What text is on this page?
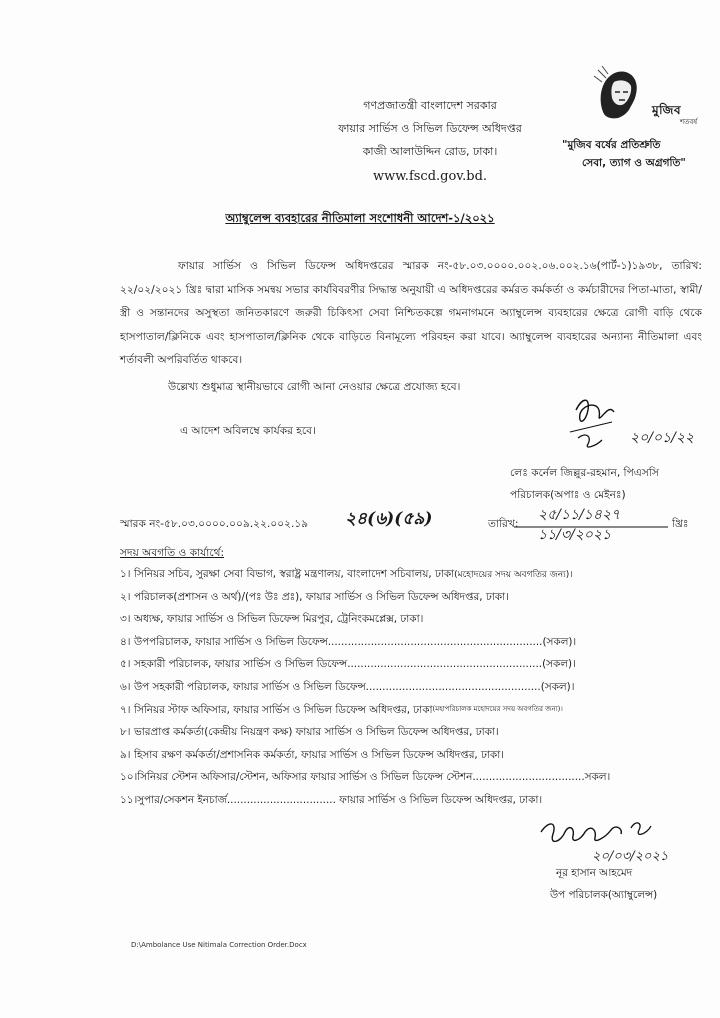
গণপ্রজাতন্ত্রী বাংলাদেশ সরকার
ফায়ার সার্ভিস ও সিভিল ডিফেন্স অধিদপ্তর
কাজী আলাউদ্দিন রোড, ঢাকা।
www.fscd.gov.bd.
মুজিব
শতবর্ষ
"মুজিব বর্ষের প্রতিশ্রুতি
সেবা, ত্যাগ ও অগ্রগতি"
অ্যাম্বুলেন্স ব্যবহারের নীতিমালা সংশোধনী আদেশ-১/২০২১
ফায়ার সার্ভিস ও সিভিল ডিফেন্স অধিদপ্তরের স্মারক নং-৫৮.০৩.০০০০.০০২.০৬.০০২.১৬(পার্ট-১)১৯৩৮, তারিখ: ২২/০২/২০২১ খ্রিঃ দ্বারা মাসিক সমন্বয় সভার কার্যবিবরণীর সিদ্ধান্ত অনুযায়ী এ অধিদপ্তরের কর্মরত কর্মকর্তা ও কর্মচারীদের পিতা-মাতা, স্বামী/স্ত্রী ও সন্তানদের অসুস্থতা জনিতকারণে জরুরী চিকিৎসা সেবা নিশ্চিতকল্পে গমনাগমনে অ্যাম্বুলেন্স ব্যবহারের ক্ষেত্রে রোগী বাড়ি থেকে হাসপাতাল/ক্লিনিকে এবং হাসপাতাল/ক্লিনিক থেকে বাড়িতে বিনামূল্যে পরিবহন করা যাবে। অ্যাম্বুলেন্স ব্যবহারের অন্যান্য নীতিমালা এবং শর্তাবলী অপরিবর্তিত থাকবে।
উল্লেখ্য শুধুমাত্র স্থানীয়ভাবে রোগী আনা নেওয়ার ক্ষেত্রে প্রযোজ্য হবে।
এ আদেশ অবিলম্বে কার্যকর হবে।	২০/০১/২২
লেঃ কর্নেল জিল্লুর-রহমান, পিএসসি
পরিচালক(অপাঃ ও মেইনঃ)
স্মারক নং-৫৮.০৩.০০০০.০০৯.২২.০০২.১৯ ২৪(৬)(৫৯)	তারিখ:
২৫/১১/১৪২৭
১১/৩/২০২১
খ্রিঃ
সদয় অবগতি ও কার্যার্থে:
১। সিনিয়র সচিব, সুরক্ষা সেবা বিভাগ, স্বরাষ্ট্র মন্ত্রণালয়, বাংলাদেশ সচিবালয়, ঢাকা (মহোদয়ের সদয় অবগতির জন্য)।
২। পরিচালক(প্রশাসন ও অর্থ)/(পঃ উঃ প্রঃ), ফায়ার সার্ভিস ও সিভিল ডিফেন্স অধিদপ্তর, ঢাকা।
৩। অধ্যক্ষ, ফায়ার সার্ভিস ও সিভিল ডিফেন্স মিরপুর, ট্রেনিংকমপ্লেক্স, ঢাকা।
৪। উপপরিচালক, ফায়ার সার্ভিস ও সিভিল ডিফেন্স.................................................................(সকল)।
৫। সহকারী পরিচালক, ফায়ার সার্ভিস ও সিভিল ডিফেন্স...........................................................(সকল)।
৬। উপ সহকারী পরিচালক, ফায়ার সার্ভিস ও সিভিল ডিফেন্স.....................................................(সকল)।
৭। সিনিয়র স্টাফ অফিসার, ফায়ার সার্ভিস ও সিভিল ডিফেন্স অধিদপ্তর, ঢাকা (মহাপরিচালক মহোদয়ের সদয় অবগতির জন্য)।
৮। ভারপ্রাপ্ত কর্মকর্তা(কেন্দ্রীয় নিয়ন্ত্রণ কক্ষ) ফায়ার সার্ভিস ও সিভিল ডিফেন্স অধিদপ্তর, ঢাকা।
৯। হিসাব রক্ষণ কর্মকর্তা/প্রশাসনিক কর্মকর্তা, ফায়ার সার্ভিস ও সিভিল ডিফেন্স অধিদপ্তর, ঢাকা।
১০। সিনিয়র স্টেশন অফিসার/স্টেশন, অফিসার ফায়ার সার্ভিস ও সিভিল ডিফেন্স স্টেশন..................................সকল।
১১। সুপার/সেকশন ইনচার্জ................................. ফায়ার সার্ভিস ও সিভিল ডিফেন্স অধিদপ্তর, ঢাকা।
২০/০৩/২০২১
নূর হাসান আহমেদ
উপ পরিচালক(অ্যাম্বুলেন্স)
D:\Ambolance Use Nitimala Correction Order.Docx
